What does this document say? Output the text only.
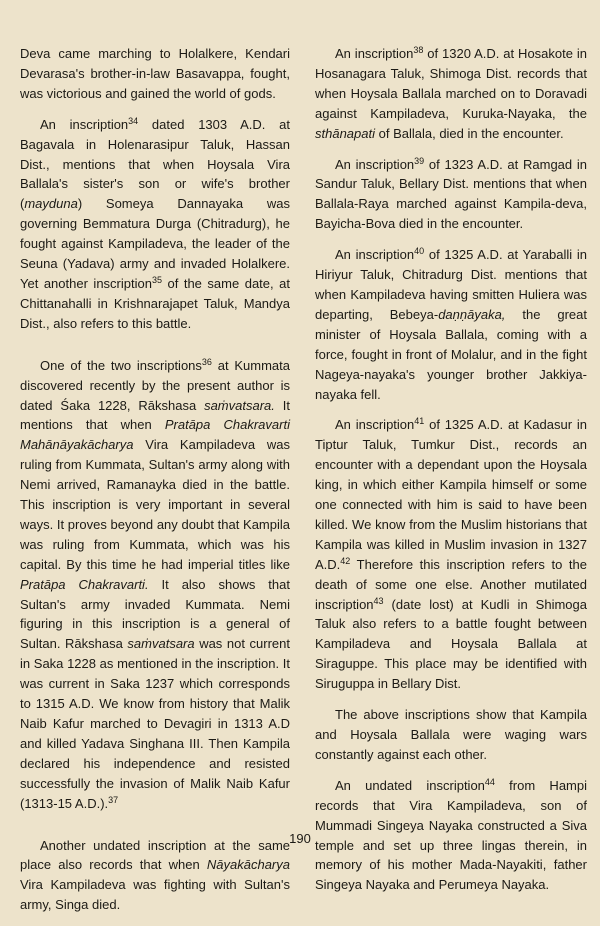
Deva came marching to Holalkere, Kendari Devarasa's brother-in-law Basavappa, fought, was victorious and gained the world of gods.

An inscription$^{34}$ dated 1303 A.D. at Bagavala in Holenarasipur Taluk, Hassan Dist., mentions that when Hoysala Vira Ballala's sister's son or wife's brother (mayduna) Someya Dannayaka was governing Bemmatura Durga (Chitradurg), he fought against Kampiladeva, the leader of the Seuna (Yadava) army and invaded Holalkere. Yet another inscription$^{35}$ of the same date, at Chittanahalli in Krishnarajapet Taluk, Mandya Dist., also refers to this battle.

One of the two inscriptions$^{36}$ at Kummata discovered recently by the present author is dated Śaka 1228, Rākshasa saṁvatsara. It mentions that when Pratāpa Chakravarti Mahānāyakācharya Vira Kampiladeva was ruling from Kummata, Sultan's army along with Nemi arrived, Ramanayka died in the battle. This inscription is very important in several ways. It proves beyond any doubt that Kampila was ruling from Kummata, which was his capital. By this time he had imperial titles like Pratāpa Chakravarti. It also shows that Sultan's army invaded Kummata. Nemi figuring in this inscription is a general of Sultan. Rākshasa saṁvatsara was not current in Saka 1228 as mentioned in the inscription. It was current in Saka 1237 which corresponds to 1315 A.D. We know from history that Malik Naib Kafur marched to Devagiri in 1313 A.D and killed Yadava Singhana III. Then Kampila declared his independence and resisted successfully the invasion of Malik Naib Kafur (1313-15 A.D.).$^{37}$

Another undated inscription at the same place also records that when Nāyakācharya Vira Kampiladeva was fighting with Sultan's army, Singa died.

An inscription$^{38}$ of 1320 A.D. at Hosakote in Hosanagara Taluk, Shimoga Dist. records that when Hoysala Ballala marched on to Doravadi against Kampiladeva, Kuruka-Nayaka, the sthānapati of Ballala, died in the encounter.

An inscription$^{39}$ of 1323 A.D. at Ramgad in Sandur Taluk, Bellary Dist. mentions that when Ballala-Raya marched against Kampila-deva, Bayicha-Bova died in the encounter.

An inscription$^{40}$ of 1325 A.D. at Yaraballi in Hiriyur Taluk, Chitradurg Dist. mentions that when Kampiladeva having smitten Huliera was departing, Bebeya-daṇṇāyaka, the great minister of Hoysala Ballala, coming with a force, fought in front of Molalur, and in the fight Nageya-nayaka's younger brother Jakkiya-nayaka fell.

An inscription$^{41}$ of 1325 A.D. at Kadasur in Tiptur Taluk, Tumkur Dist., records an encounter with a dependant upon the Hoysala king, in which either Kampila himself or some one connected with him is said to have been killed. We know from the Muslim historians that Kampila was killed in Muslim invasion in 1327 A.D.$^{42}$ Therefore this inscription refers to the death of some one else. Another mutilated inscription$^{43}$ (date lost) at Kudli in Shimoga Taluk also refers to a battle fought between Kampiladeva and Hoysala Ballala at Siraguppe. This place may be identified with Siruguppa in Bellary Dist.

The above inscriptions show that Kampila and Hoysala Ballala were waging wars constantly against each other.

An undated inscription$^{44}$ from Hampi records that Vira Kampiladeva, son of Mummadi Singeya Nayaka constructed a Siva temple and set up three lingas therein, in memory of his mother Mada-Nayakiti, father Singeya Nayaka and Perumeya Nayaka.

190
